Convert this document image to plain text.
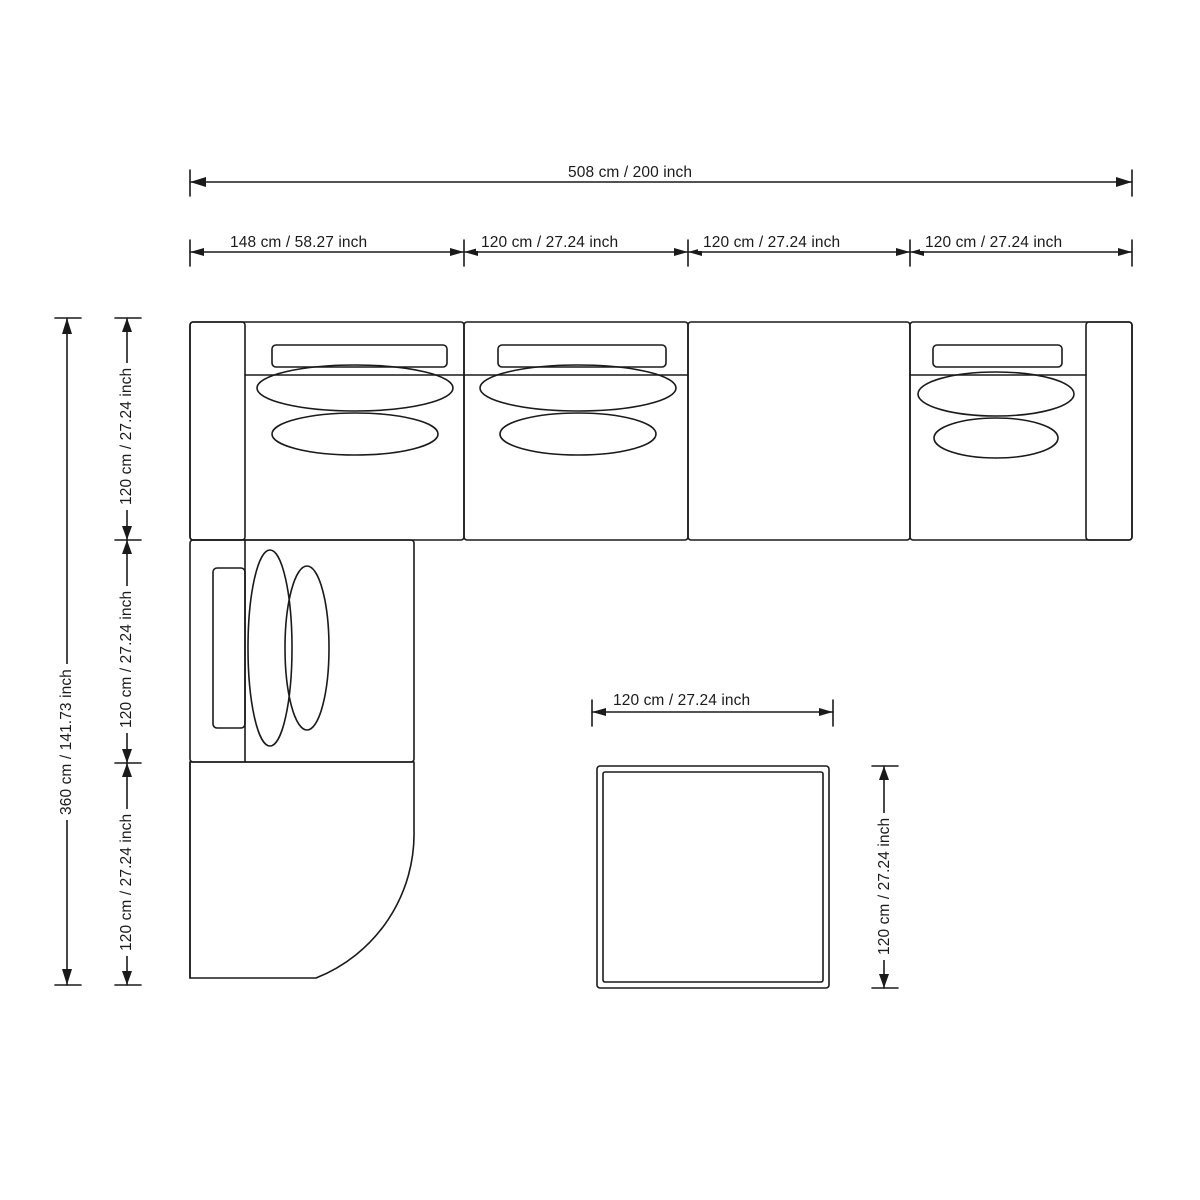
508 cm / 200 inch
148 cm / 58.27 inch	120 cm / 27.24 inch	120 cm / 27.24 inch	120 cm / 27.24 inch
360 cm / 141.73 inch
120 cm / 27.24 inch
120 cm / 27.24 inch
120 cm / 27.24 inch
120 cm / 27.24 inch
120 cm / 27.24 inch
